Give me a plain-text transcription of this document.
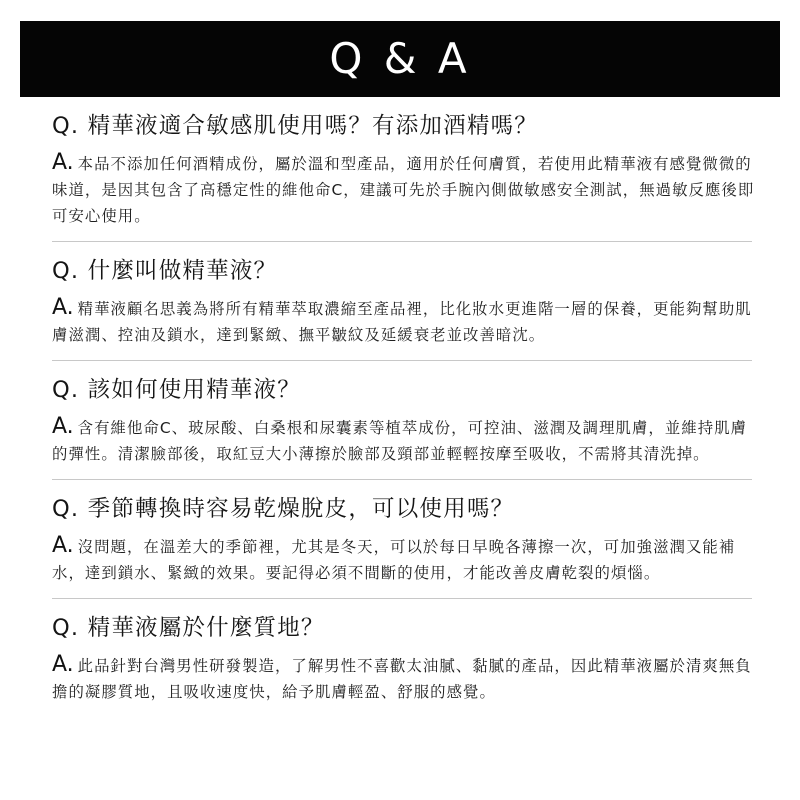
Q & A

Q. 精華液適合敏感肌使用嗎？有添加酒精嗎？

A. 本品不添加任何酒精成份，屬於溫和型產品，適用於任何膚質，若使用此精華液有感覺微微的味道，是因其包含了高穩定性的維他命C，建議可先於手腕內側做敏感安全測試，無過敏反應後即可安心使用。

Q. 什麼叫做精華液？

A. 精華液顧名思義為將所有精華萃取濃縮至產品裡，比化妝水更進階一層的保養，更能夠幫助肌膚滋潤、控油及鎖水，達到緊緻、撫平皺紋及延緩衰老並改善暗沈。

Q. 該如何使用精華液？

A. 含有維他命C、玻尿酸、白桑根和尿囊素等植萃成份，可控油、滋潤及調理肌膚，並維持肌膚的彈性。清潔臉部後，取紅豆大小薄擦於臉部及頸部並輕輕按摩至吸收，不需將其清洗掉。

Q. 季節轉換時容易乾燥脫皮，可以使用嗎？

A. 沒問題，在溫差大的季節裡，尤其是冬天，可以於每日早晚各薄擦一次，可加強滋潤又能補水，達到鎖水、緊緻的效果。要記得必須不間斷的使用，才能改善皮膚乾裂的煩惱。

Q. 精華液屬於什麼質地？

A. 此品針對台灣男性研發製造，了解男性不喜歡太油膩、黏膩的產品，因此精華液屬於清爽無負擔的凝膠質地，且吸收速度快，給予肌膚輕盈、舒服的感覺。
